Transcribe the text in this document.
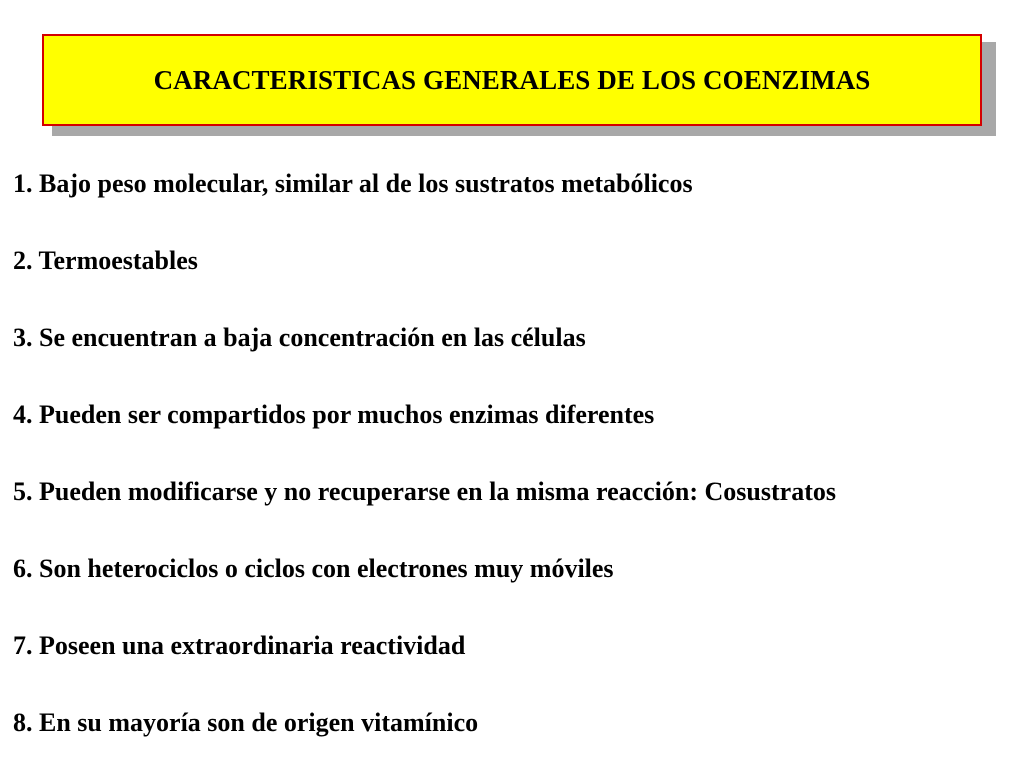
CARACTERISTICAS GENERALES DE LOS COENZIMAS
1. Bajo peso molecular, similar al de los sustratos metabólicos
2. Termoestables
3. Se encuentran a baja concentración en las células
4. Pueden ser compartidos por muchos enzimas diferentes
5. Pueden modificarse y no recuperarse en la misma reacción: Cosustratos
6. Son heterociclos o ciclos con electrones muy móviles
7. Poseen una extraordinaria reactividad
8. En su mayoría son de origen vitamínico
